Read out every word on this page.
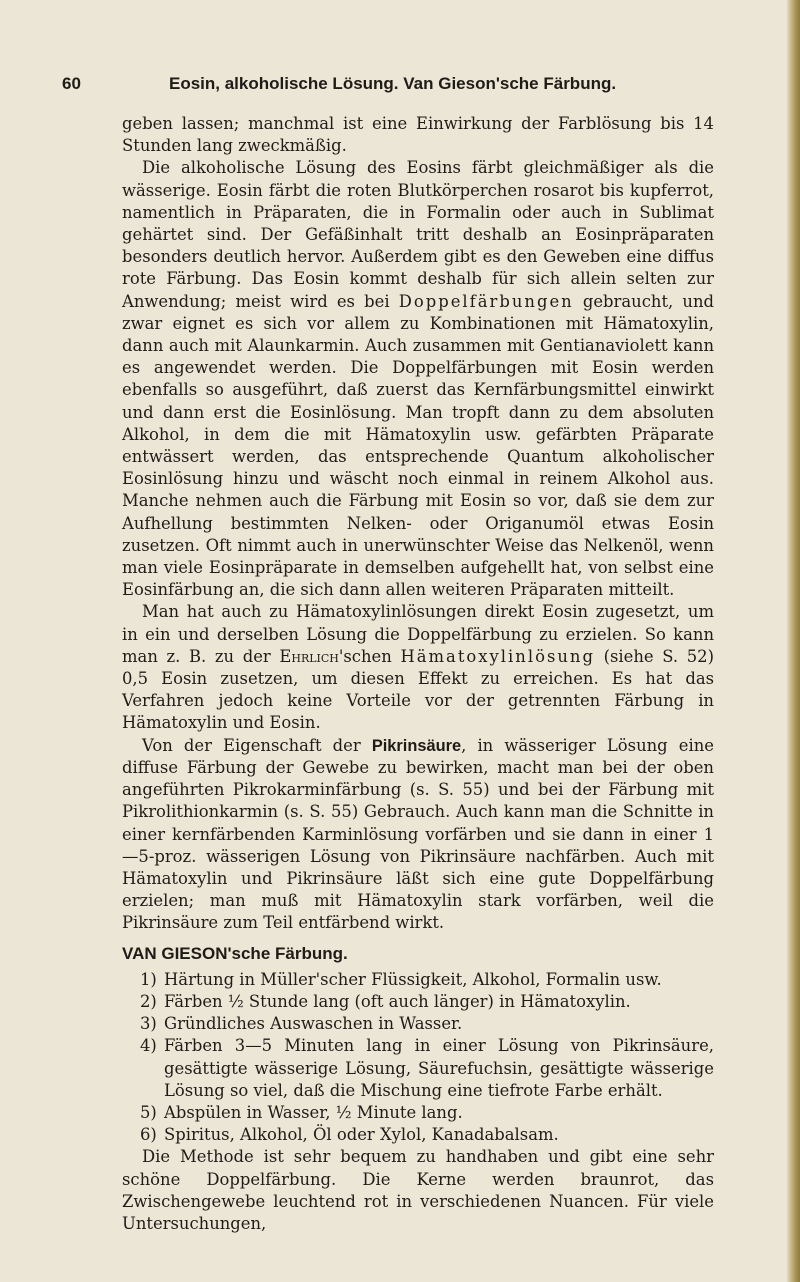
60	Eosin, alkoholische Lösung. Van Gieson'sche Färbung.

geben lassen; manchmal ist eine Einwirkung der Farblösung bis 14 Stunden lang zweckmäßig.

Die alkoholische Lösung des Eosins färbt gleichmäßiger als die wässerige. Eosin färbt die roten Blutkörperchen rosarot bis kupferrot, namentlich in Präparaten, die in Formalin oder auch in Sublimat gehärtet sind. Der Gefäßinhalt tritt deshalb an Eosinpräparaten besonders deutlich hervor. Außerdem gibt es den Geweben eine diffus rote Färbung. Das Eosin kommt deshalb für sich allein selten zur Anwendung; meist wird es bei Doppelfärbungen gebraucht, und zwar eignet es sich vor allem zu Kombinationen mit Hämatoxylin, dann auch mit Alaunkarmin. Auch zusammen mit Gentianaviolett kann es angewendet werden. Die Doppelfärbungen mit Eosin werden ebenfalls so ausgeführt, daß zuerst das Kernfärbungsmittel einwirkt und dann erst die Eosinlösung. Man tropft dann zu dem absoluten Alkohol, in dem die mit Hämatoxylin usw. gefärbten Präparate entwässert werden, das entsprechende Quantum alkoholischer Eosinlösung hinzu und wäscht noch einmal in reinem Alkohol aus. Manche nehmen auch die Färbung mit Eosin so vor, daß sie dem zur Aufhellung bestimmten Nelken- oder Origanumöl etwas Eosin zusetzen. Oft nimmt auch in unerwünschter Weise das Nelkenöl, wenn man viele Eosinpräparate in demselben aufgehellt hat, von selbst eine Eosinfärbung an, die sich dann allen weiteren Präparaten mitteilt.

Man hat auch zu Hämatoxylinlösungen direkt Eosin zugesetzt, um in ein und derselben Lösung die Doppelfärbung zu erzielen. So kann man z. B. zu der Ehrlich'schen Hämatoxylinlösung (siehe S. 52) 0,5 Eosin zusetzen, um diesen Effekt zu erreichen. Es hat das Verfahren jedoch keine Vorteile vor der getrennten Färbung in Hämatoxylin und Eosin.

Von der Eigenschaft der Pikrinsäure, in wässeriger Lösung eine diffuse Färbung der Gewebe zu bewirken, macht man bei der oben angeführten Pikrokarminfärbung (s. S. 55) und bei der Färbung mit Pikrolithionkarmin (s. S. 55) Gebrauch. Auch kann man die Schnitte in einer kernfärbenden Karminlösung vorfärben und sie dann in einer 1—5-proz. wässerigen Lösung von Pikrinsäure nachfärben. Auch mit Hämatoxylin und Pikrinsäure läßt sich eine gute Doppelfärbung erzielen; man muß mit Hämatoxylin stark vorfärben, weil die Pikrinsäure zum Teil entfärbend wirkt.

VAN GIESON'sche Färbung.
1) Härtung in Müller'scher Flüssigkeit, Alkohol, Formalin usw.
2) Färben ½ Stunde lang (oft auch länger) in Hämatoxylin.
3) Gründliches Auswaschen in Wasser.
4) Färben 3—5 Minuten lang in einer Lösung von Pikrinsäure, gesättigte wässerige Lösung, Säurefuchsin, gesättigte wässerige Lösung so viel, daß die Mischung eine tiefrote Farbe erhält.
5) Abspülen in Wasser, ½ Minute lang.
6) Spiritus, Alkohol, Öl oder Xylol, Kanadabalsam.

Die Methode ist sehr bequem zu handhaben und gibt eine sehr schöne Doppelfärbung. Die Kerne werden braunrot, das Zwischengewebe leuchtend rot in verschiedenen Nuancen. Für viele Untersuchungen,
